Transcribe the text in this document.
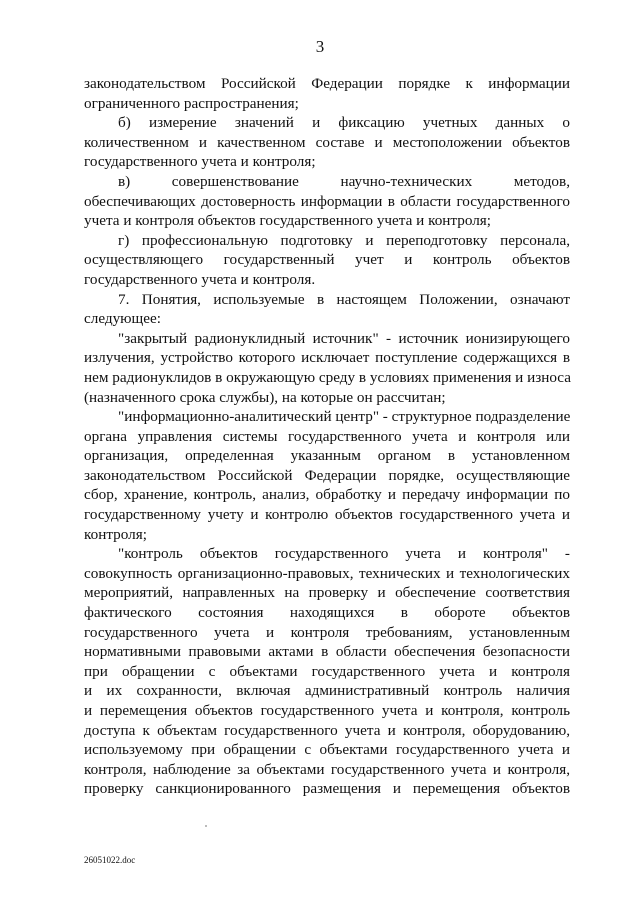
3
законодательством Российской Федерации порядке к информации
ограниченного распространения;
б) измерение значений и фиксацию учетных данных о
количественном и качественном составе и местоположении объектов
государственного учета и контроля;
в) совершенствование научно-технических методов,
обеспечивающих достоверность информации в области государственного
учета и контроля объектов государственного учета и контроля;
г) профессиональную подготовку и переподготовку персонала,
осуществляющего государственный учет и контроль объектов
государственного учета и контроля.
7. Понятия, используемые в настоящем Положении, означают
следующее:
"закрытый радионуклидный источник" - источник ионизирующего
излучения, устройство которого исключает поступление содержащихся в
нем радионуклидов в окружающую среду в условиях применения и износа
(назначенного срока службы), на которые он рассчитан;
"информационно-аналитический центр" - структурное подразделение
органа управления системы государственного учета и контроля или
организация, определенная указанным органом в установленном
законодательством Российской Федерации порядке, осуществляющие
сбор, хранение, контроль, анализ, обработку и передачу информации по
государственному учету и контролю объектов государственного учета и
контроля;
"контроль объектов государственного учета и контроля" -
совокупность организационно-правовых, технических и технологических
мероприятий, направленных на проверку и обеспечение соответствия
фактического состояния находящихся в обороте объектов
государственного учета и контроля требованиям, установленным
нормативными правовыми актами в области обеспечения безопасности
при обращении с объектами государственного учета и контроля
и их сохранности, включая административный контроль наличия
и перемещения объектов государственного учета и контроля, контроль
доступа к объектам государственного учета и контроля, оборудованию,
используемому при обращении с объектами государственного учета и
контроля, наблюдение за объектами государственного учета и контроля,
проверку санкционированного размещения и перемещения объектов
26051022.doc
